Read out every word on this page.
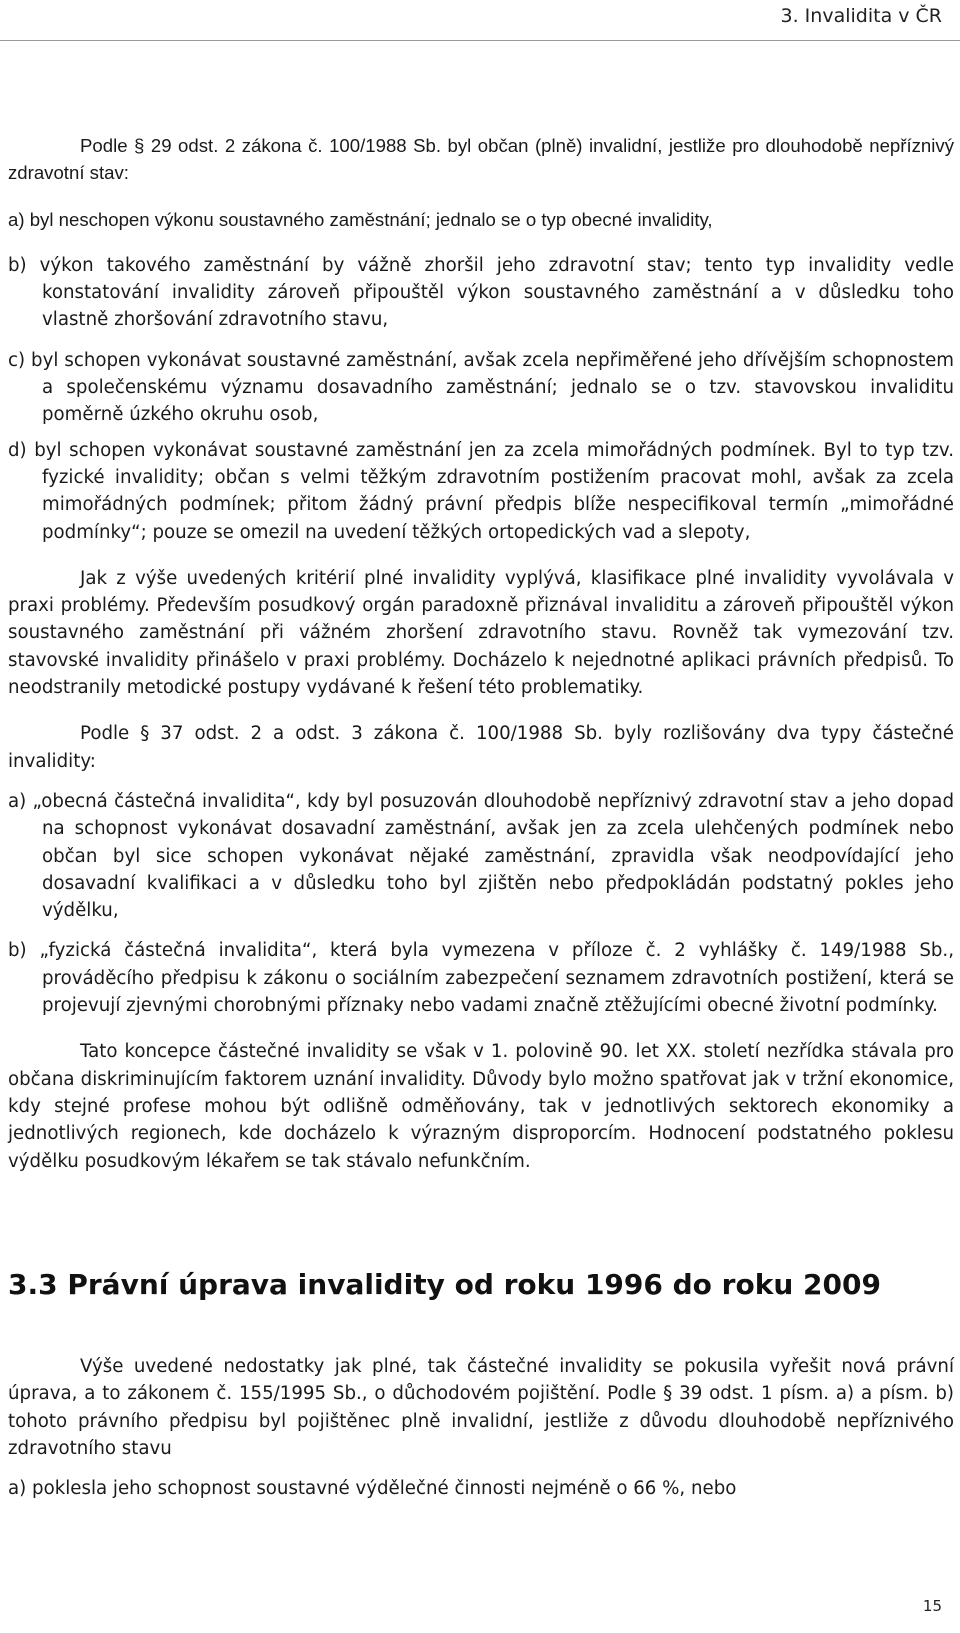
3. Invalidita v ČR

Podle § 29 odst. 2 zákona č. 100/1988 Sb. byl občan (plně) invalidní, jestliže pro dlouhodobě nepříznivý zdravotní stav:

a) byl neschopen výkonu soustavného zaměstnání; jednalo se o typ obecné invalidity,

b) výkon takového zaměstnání by vážně zhoršil jeho zdravotní stav; tento typ invalidity vedle konstatování invalidity zároveň připouštěl výkon soustavného zaměstnání a v důsledku toho vlastně zhoršování zdravotního stavu,

c) byl schopen vykonávat soustavné zaměstnání, avšak zcela nepřiměřené jeho dřívějším schopnostem a společenskému významu dosavadního zaměstnání; jednalo se o tzv. stavovskou invaliditu poměrně úzkého okruhu osob,

d) byl schopen vykonávat soustavné zaměstnání jen za zcela mimořádných podmínek. Byl to typ tzv. fyzické invalidity; občan s velmi těžkým zdravotním postižením pracovat mohl, avšak za zcela mimořádných podmínek; přitom žádný právní předpis blíže nespecifikoval termín „mimořádné podmínky“; pouze se omezil na uvedení těžkých ortopedických vad a slepoty,

Jak z výše uvedených kritérií plné invalidity vyplývá, klasifikace plné invalidity vyvolávala v praxi problémy. Především posudkový orgán paradoxně přiznával invaliditu a zároveň připouštěl výkon soustavného zaměstnání při vážném zhoršení zdravotního stavu. Rovněž tak vymezování tzv. stavovské invalidity přinášelo v praxi problémy. Docházelo k nejednotné aplikaci právních předpisů. To neodstranily metodické postupy vydávané k řešení této problematiky.

Podle § 37 odst. 2 a odst. 3 zákona č. 100/1988 Sb. byly rozlišovány dva typy částečné invalidity:

a) „obecná částečná invalidita“, kdy byl posuzován dlouhodobě nepříznivý zdravotní stav a jeho dopad na schopnost vykonávat dosavadní zaměstnání, avšak jen za zcela ulehčených podmínek nebo občan byl sice schopen vykonávat nějaké zaměstnání, zpravidla však neodpovídající jeho dosavadní kvalifikaci a v důsledku toho byl zjištěn nebo předpokládán podstatný pokles jeho výdělku,

b) „fyzická částečná invalidita“, která byla vymezena v příloze č. 2 vyhlášky č. 149/1988 Sb., prováděcího předpisu k zákonu o sociálním zabezpečení seznamem zdravotních postižení, která se projevují zjevnými chorobnými příznaky nebo vadami značně ztěžujícími obecné životní podmínky.

Tato koncepce částečné invalidity se však v 1. polovině 90. let XX. století nezřídka stávala pro občana diskriminujícím faktorem uznání invalidity. Důvody bylo možno spatřovat jak v tržní ekonomice, kdy stejné profese mohou být odlišně odměňovány, tak v jednotlivých sektorech ekonomiky a jednotlivých regionech, kde docházelo k výrazným disproporcím. Hodnocení podstatného poklesu výdělku posudkovým lékařem se tak stávalo nefunkčním.

3.3 Právní úprava invalidity od roku 1996 do roku 2009

Výše uvedené nedostatky jak plné, tak částečné invalidity se pokusila vyřešit nová právní úprava, a to zákonem č. 155/1995 Sb., o důchodovém pojištění. Podle § 39 odst. 1 písm. a) a písm. b) tohoto právního předpisu byl pojištěnec plně invalidní, jestliže z důvodu dlouhodobě nepříznivého zdravotního stavu

a) poklesla jeho schopnost soustavné výdělečné činnosti nejméně o 66 %, nebo

15
